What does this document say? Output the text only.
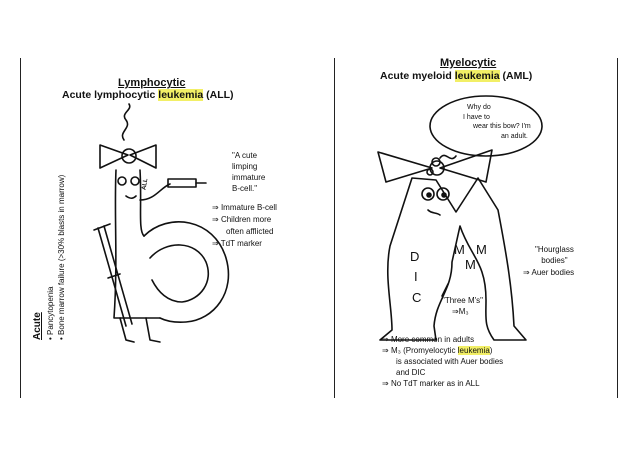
Lymphocytic
Acute lymphocytic leukemia (ALL)
"A cute
limping
immature
B-cell."
ALL
⇒ Immature B-cell
⇒ Children more
often afflicted
⇒ TdT marker
Acute • Pancytopenia
• Bone marrow failure (>30% blasts in marrow)
Myelocytic
Acute myeloid leukemia (AML)
Why do
I have to
wear this bow? I'm
an adult.
M M
M
D
I
C
"Hourglass
bodies"
⇒ Auer bodies
"Three M's"
⇒M₃
⇒ More common in adults
⇒ M₃ (Promyelocytic leukemia)
is associated with Auer bodies
and DIC
⇒ No TdT marker as in ALL
